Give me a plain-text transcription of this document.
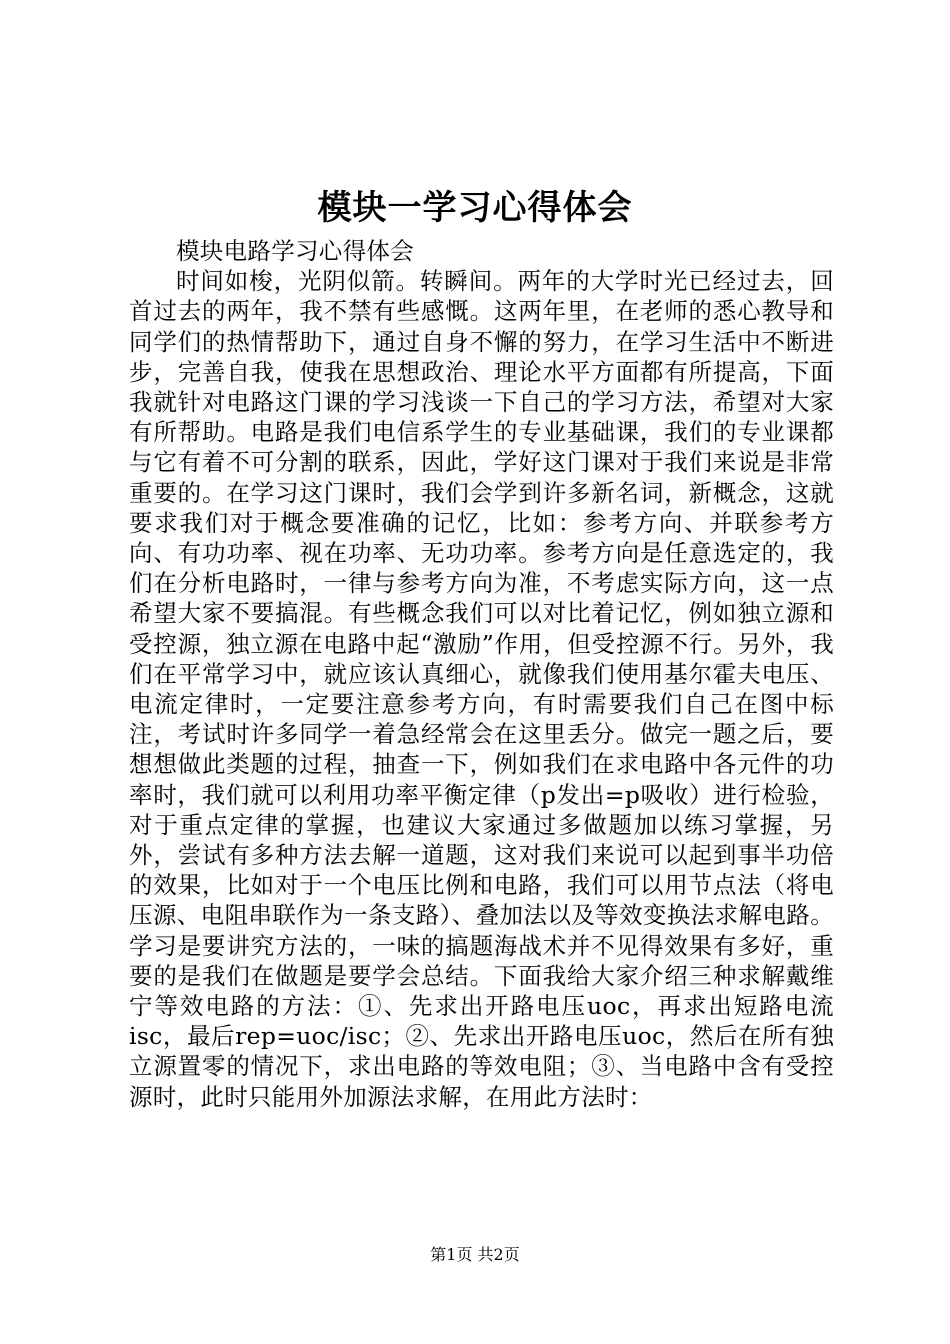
模块一学习心得体会

模块电路学习心得体会

时间如梭，光阴似箭。转瞬间。两年的大学时光已经过去，回首过去的两年，我不禁有些感慨。这两年里，在老师的悉心教导和同学们的热情帮助下，通过自身不懈的努力，在学习生活中不断进步，完善自我，使我在思想政治、理论水平方面都有所提高，下面我就针对电路这门课的学习浅谈一下自己的学习方法，希望对大家有所帮助。电路是我们电信系学生的专业基础课，我们的专业课都与它有着不可分割的联系，因此，学好这门课对于我们来说是非常重要的。在学习这门课时，我们会学到许多新名词，新概念，这就要求我们对于概念要准确的记忆，比如：参考方向、并联参考方向、有功功率、视在功率、无功功率。参考方向是任意选定的，我们在分析电路时，一律与参考方向为准，不考虑实际方向，这一点希望大家不要搞混。有些概念我们可以对比着记忆，例如独立源和受控源，独立源在电路中起“激励”作用，但受控源不行。另外，我们在平常学习中，就应该认真细心，就像我们使用基尔霍夫电压、电流定律时，一定要注意参考方向，有时需要我们自己在图中标注，考试时许多同学一着急经常会在这里丢分。做完一题之后，要想想做此类题的过程，抽查一下，例如我们在求电路中各元件的功率时，我们就可以利用功率平衡定律（p发出=p吸收）进行检验，对于重点定律的掌握，也建议大家通过多做题加以练习掌握，另外，尝试有多种方法去解一道题，这对我们来说可以起到事半功倍的效果，比如对于一个电压比例和电路，我们可以用节点法（将电压源、电阻串联作为一条支路）、叠加法以及等效变换法求解电路。学习是要讲究方法的，一味的搞题海战术并不见得效果有多好，重要的是我们在做题是要学会总结。下面我给大家介绍三种求解戴维宁等效电路的方法：①、先求出开路电压uoc，再求出短路电流isc，最后rep=uoc/isc；②、先求出开路电压uoc，然后在所有独立源置零的情况下，求出电路的等效电阻；③、当电路中含有受控源时，此时只能用外加源法求解，在用此方法时：

第1页 共2页
